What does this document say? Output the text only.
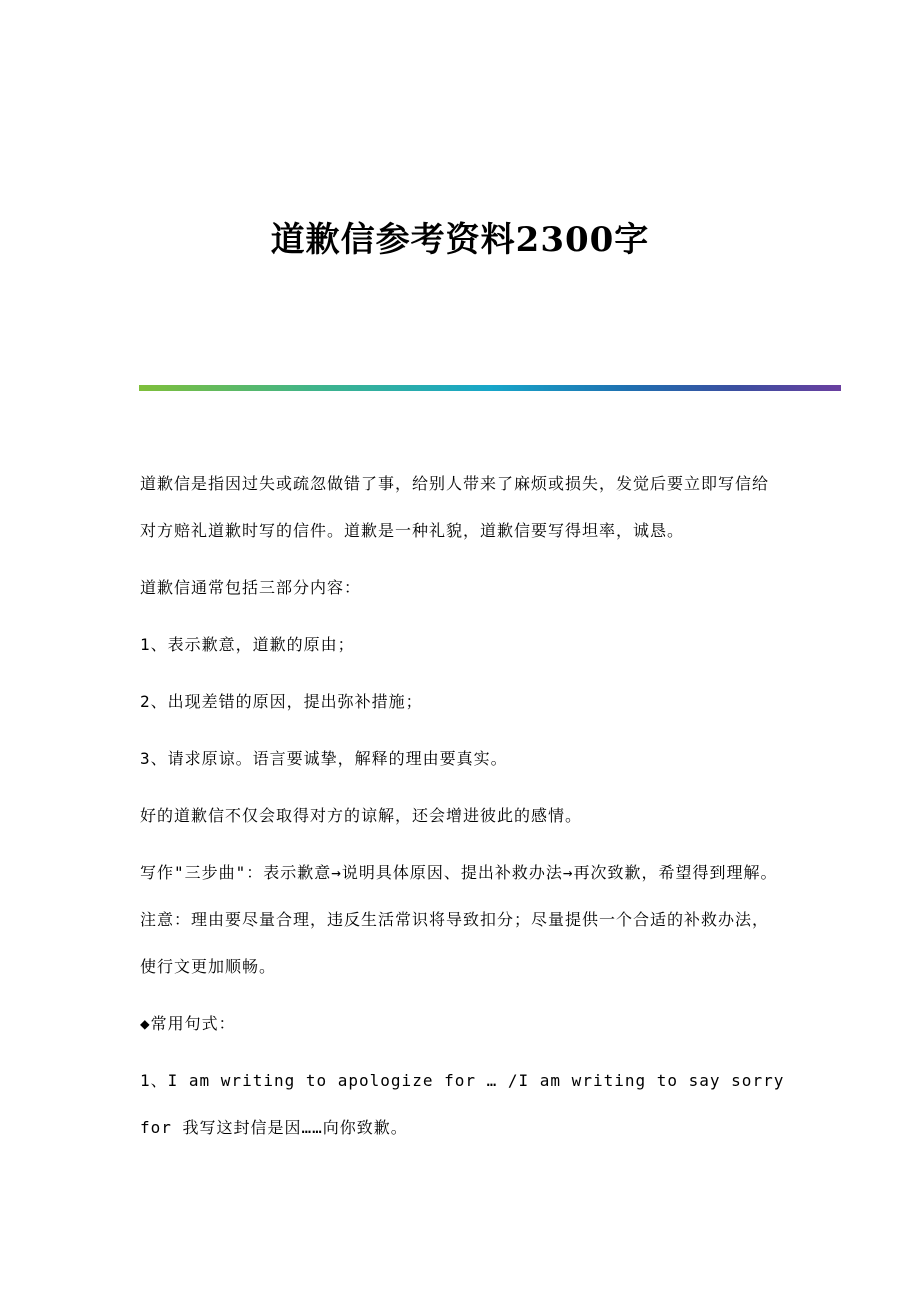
道歉信参考资料2300字

道歉信是指因过失或疏忽做错了事，给别人带来了麻烦或损失，发觉后要立即写信给对方赔礼道歉时写的信件。道歉是一种礼貌，道歉信要写得坦率，诚恳。

道歉信通常包括三部分内容：

1、表示歉意，道歉的原由；

2、出现差错的原因，提出弥补措施；

3、请求原谅。语言要诚挚，解释的理由要真实。

好的道歉信不仅会取得对方的谅解，还会增进彼此的感情。

写作"三步曲"：表示歉意→说明具体原因、提出补救办法→再次致歉，希望得到理解。 注意：理由要尽量合理，违反生活常识将导致扣分；尽量提供一个合适的补救办法，使行文更加顺畅。

◆常用句式：

1、I am writing to apologize for … /I am writing to say sorry for 我写这封信是因……向你致歉。
